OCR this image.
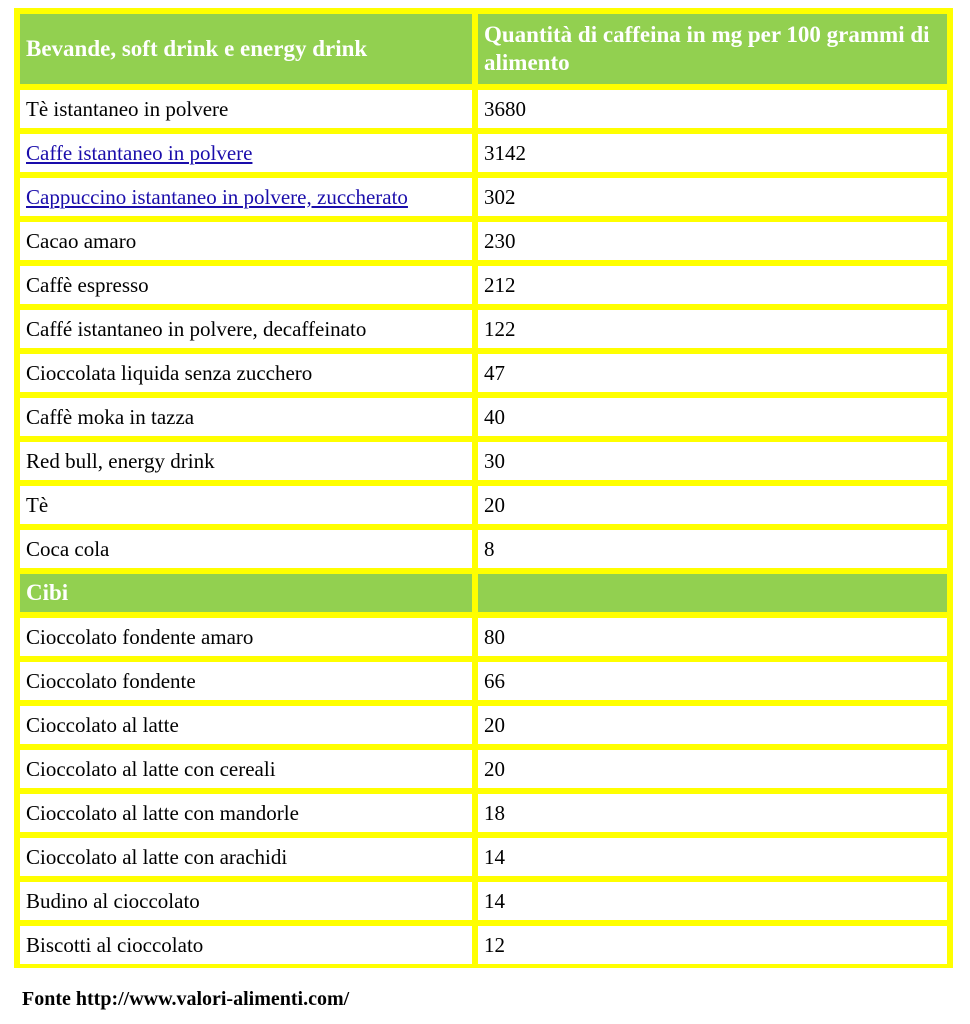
Bevande, soft drink e energy drink	Quantità di caffeina in mg per 100 grammi di alimento
Tè istantaneo in polvere	3680
Caffe istantaneo in polvere	3142
Cappuccino istantaneo in polvere, zuccherato	302
Cacao amaro	230
Caffè espresso	212
Caffé istantaneo in polvere, decaffeinato	122
Cioccolata liquida senza zucchero	47
Caffè moka in tazza	40
Red bull, energy drink	30
Tè	20
Coca cola	8
Cibi	
Cioccolato fondente amaro	80
Cioccolato fondente	66
Cioccolato al latte	20
Cioccolato al latte con cereali	20
Cioccolato al latte con mandorle	18
Cioccolato al latte con arachidi	14
Budino al cioccolato	14
Biscotti al cioccolato	12
Fonte http://www.valori-alimenti.com/
